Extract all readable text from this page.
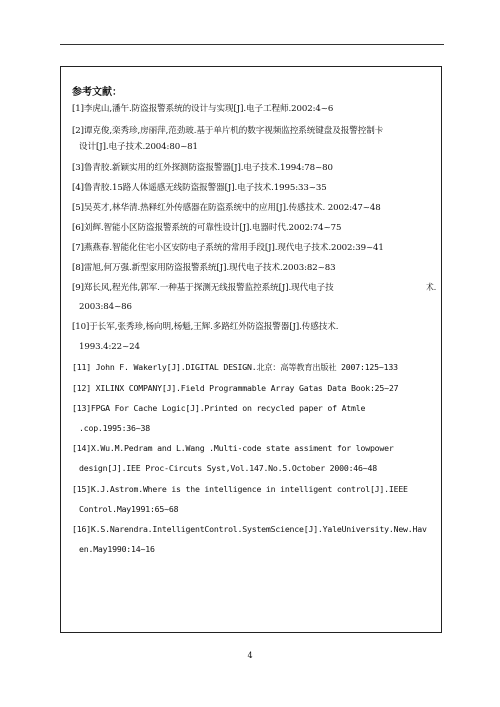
参考文献：
[1]李虎山,潘午.防盗报警系统的设计与实现[J].电子工程师.2002:4~6
[2]谭克俊,栾秀珍,房丽萍,范劲玻.基于单片机的数字视频监控系统键盘及报警控制卡
设计[J].电子技术.2004:80~81
[3]鲁青胶.新颖实用的红外探测防盗报警器[J].电子技术.1994:78~80
[4]鲁青胶.15路人体遥感无线防盗报警器[J].电子技术.1995:33~35
[5]吴英才,林华清.热释红外传感器在防盗系统中的应用[J].传感技术. 2002:47~48
[6]刘辉.智能小区防盗报警系统的可靠性设计[J].电器时代.2002:74~75
[7]燕燕春.智能化住宅小区安防电子系统的常用手段[J].现代电子技术.2002:39~41
[8]雷旭,何万强.新型家用防盗报警系统[J].现代电子技术.2003:82~83
[9]郑长风,程光伟,郭军.一种基于探测无线报警监控系统[J].现代电子技	术.
2003:84~86
[10]于长军,张秀珍,杨向明,杨魁,王辉.多路红外防盗报警器[J].传感技术.
1993.4:22~24
[11] John F. Wakerly[J].DIGITAL DESIGN.北京：高等教育出版社 2007:125~133
[12] XILINX COMPANY[J].Field Programmable Array Gatas Data Book:25~27
[13]FPGA For Cache Logic[J].Printed on recycled paper of Atmle
.cop.1995:36~38
[14]X.Wu.M.Pedram and L.Wang .Multi-code state assiment for lowpower
design[J].IEE Proc-Circuts Syst,Vol.147.No.5.October 2000:46~48
[15]K.J.Astrom.Where is the intelligence in intelligent control[J].IEEE
Control.May1991:65~68
[16]K.S.Narendra.IntelligentControl.SystemScience[J].YaleUniversity.New.Hav
en.May1990:14~16
4
